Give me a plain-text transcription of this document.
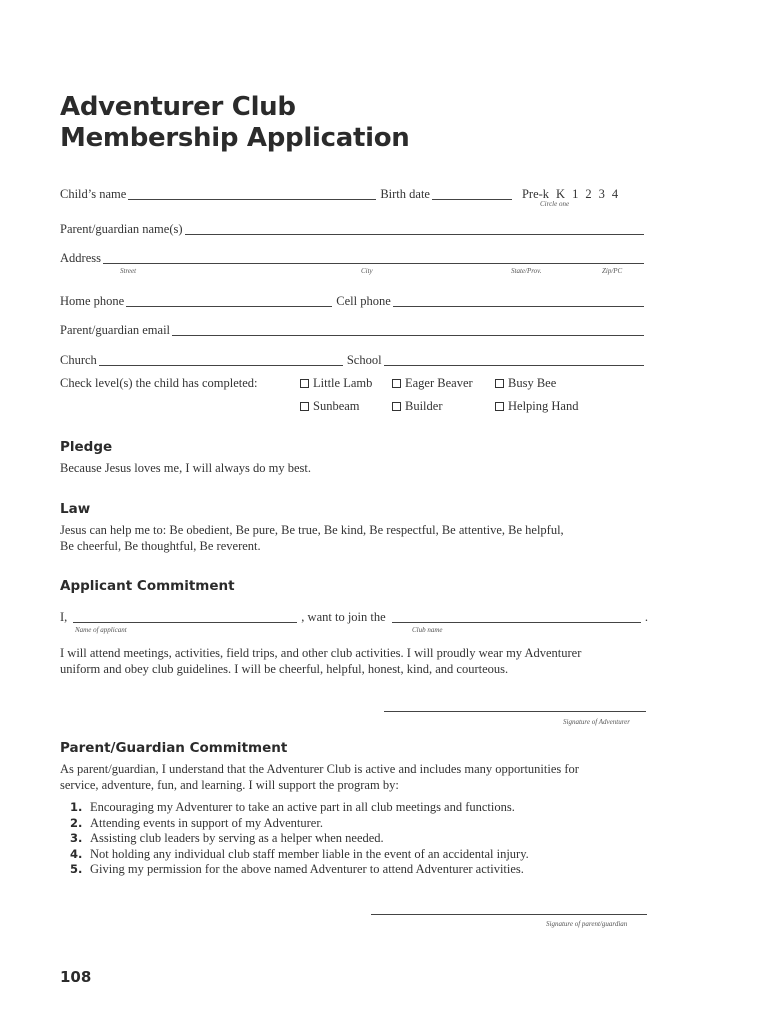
Adventurer Club
Membership Application
Child’s name	Birth date	Pre-k K 1 2 3 4
Circle one
Parent/guardian name(s)
Address
Street	City	State/Prov.	Zip/PC
Home phone	Cell phone
Parent/guardian email
Church	School
Check level(s) the child has completed:	Little Lamb	Eager Beaver	Busy Bee
Sunbeam	Builder	Helping Hand
Pledge
Because Jesus loves me, I will always do my best.
Law
Jesus can help me to: Be obedient, Be pure, Be true, Be kind, Be respectful, Be attentive, Be helpful,
Be cheerful, Be thoughtful, Be reverent.
Applicant Commitment
I,	, want to join the	.
Name of applicant	Club name
I will attend meetings, activities, field trips, and other club activities. I will proudly wear my Adventurer
uniform and obey club guidelines. I will be cheerful, helpful, honest, kind, and courteous.
Signature of Adventurer
Parent/Guardian Commitment
As parent/guardian, I understand that the Adventurer Club is active and includes many opportunities for
service, adventure, fun, and learning. I will support the program by:
1. Encouraging my Adventurer to take an active part in all club meetings and functions.
2. Attending events in support of my Adventurer.
3. Assisting club leaders by serving as a helper when needed.
4. Not holding any individual club staff member liable in the event of an accidental injury.
5. Giving my permission for the above named Adventurer to attend Adventurer activities.
Signature of parent/guardian
108
